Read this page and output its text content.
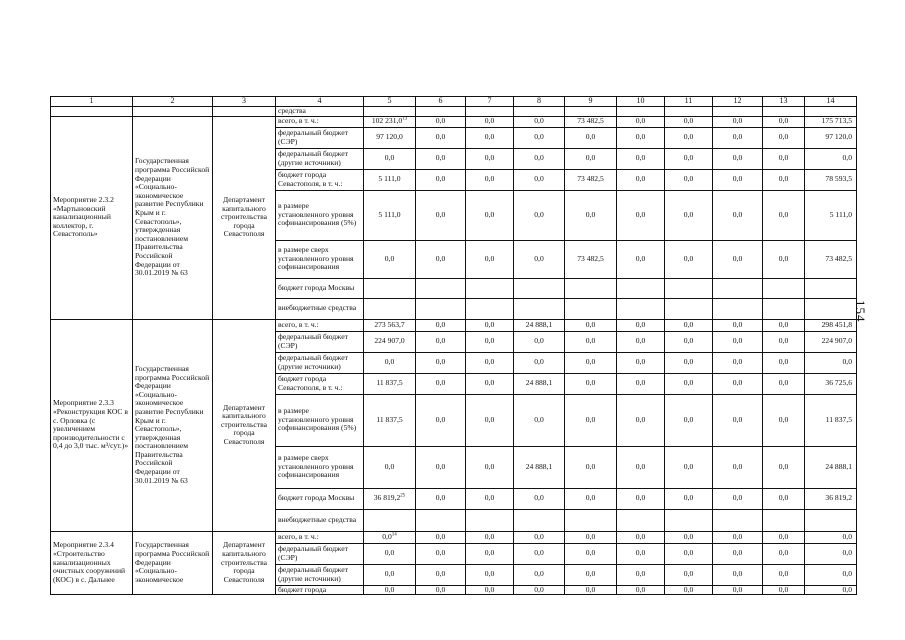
154
1	2	3	4	5	6	7	8	9	10	11	12	13	14
			средства										
Мероприятие 2.3.2 «Мартыновский канализационный коллектор, г. Севастополь»	Государственная программа Российской Федерации «Социально-экономическое развитие Республики Крым и г. Севастополь», утвержденная постановлением Правительства Российской Федерации от 30.01.2019 № 63	Департамент капитального строительства города Севастополя	всего, в т. ч.:	102 231,0$^{13}$	0,0	0,0	0,0	73 482,5	0,0	0,0	0,0	0,0	175 713,5
			федеральный бюджет (СЭР)	97 120,0	0,0	0,0	0,0	0,0	0,0	0,0	0,0	0,0	97 120,0
			федеральный бюджет (другие источники)	0,0	0,0	0,0	0,0	0,0	0,0	0,0	0,0	0,0	0,0
			бюджет города Севастополя, в т. ч.:	5 111,0	0,0	0,0	0,0	73 482,5	0,0	0,0	0,0	0,0	78 593,5
			в размере установленного уровня софинансирования (5%)	5 111,0	0,0	0,0	0,0	0,0	0,0	0,0	0,0	0,0	5 111,0
			в размере сверх установленного уровня софинансирования	0,0	0,0	0,0	0,0	73 482,5	0,0	0,0	0,0	0,0	73 482,5
			бюджет города Москвы										
			внебюджетные средства										
Мероприятие 2.3.3 «Реконструкция КОС в с. Орловка (с увеличением производительности с 0,4 до 3,0 тыс. м³/сут.)»	Государственная программа Российской Федерации «Социально-экономическое развитие Республики Крым и г. Севастополь», утвержденная постановлением Правительства Российской Федерации от 30.01.2019 № 63	Департамент капитального строительства города Севастополя	всего, в т. ч.:	273 563,7	0,0	0,0	24 888,1	0,0	0,0	0,0	0,0	0,0	298 451,8
			федеральный бюджет (СЭР)	224 907,0	0,0	0,0	0,0	0,0	0,0	0,0	0,0	0,0	224 907,0
			федеральный бюджет (другие источники)	0,0	0,0	0,0	0,0	0,0	0,0	0,0	0,0	0,0	0,0
			бюджет города Севастополя, в т. ч.:	11 837,5	0,0	0,0	24 888,1	0,0	0,0	0,0	0,0	0,0	36 725,6
			в размере установленного уровня софинансирования (5%)	11 837,5	0,0	0,0	0,0	0,0	0,0	0,0	0,0	0,0	11 837,5
			в размере сверх установленного уровня софинансирования	0,0	0,0	0,0	24 888,1	0,0	0,0	0,0	0,0	0,0	24 888,1
			бюджет города Москвы	36 819,2$^{25}$	0,0	0,0	0,0	0,0	0,0	0,0	0,0	0,0	36 819,2
			внебюджетные средства										
Мероприятие 2.3.4 «Строительство канализационных очистных сооружений (КОС) в с. Дальнее	Государственная программа Российской Федерации «Социально-экономическое	Департамент капитального строительства города Севастополя	всего, в т. ч.:	$0,0^{14}$	0,0	0,0	0,0	0,0	0,0	0,0	0,0	0,0	0,0
			федеральный бюджет (СЭР)	0,0	0,0	0,0	0,0	0,0	0,0	0,0	0,0	0,0	0,0
			федеральный бюджет (другие источники)	0,0	0,0	0,0	0,0	0,0	0,0	0,0	0,0	0,0	0,0
			бюджет города	0,0	0,0	0,0	0,0	0,0	0,0	0,0	0,0	0,0	0,0
